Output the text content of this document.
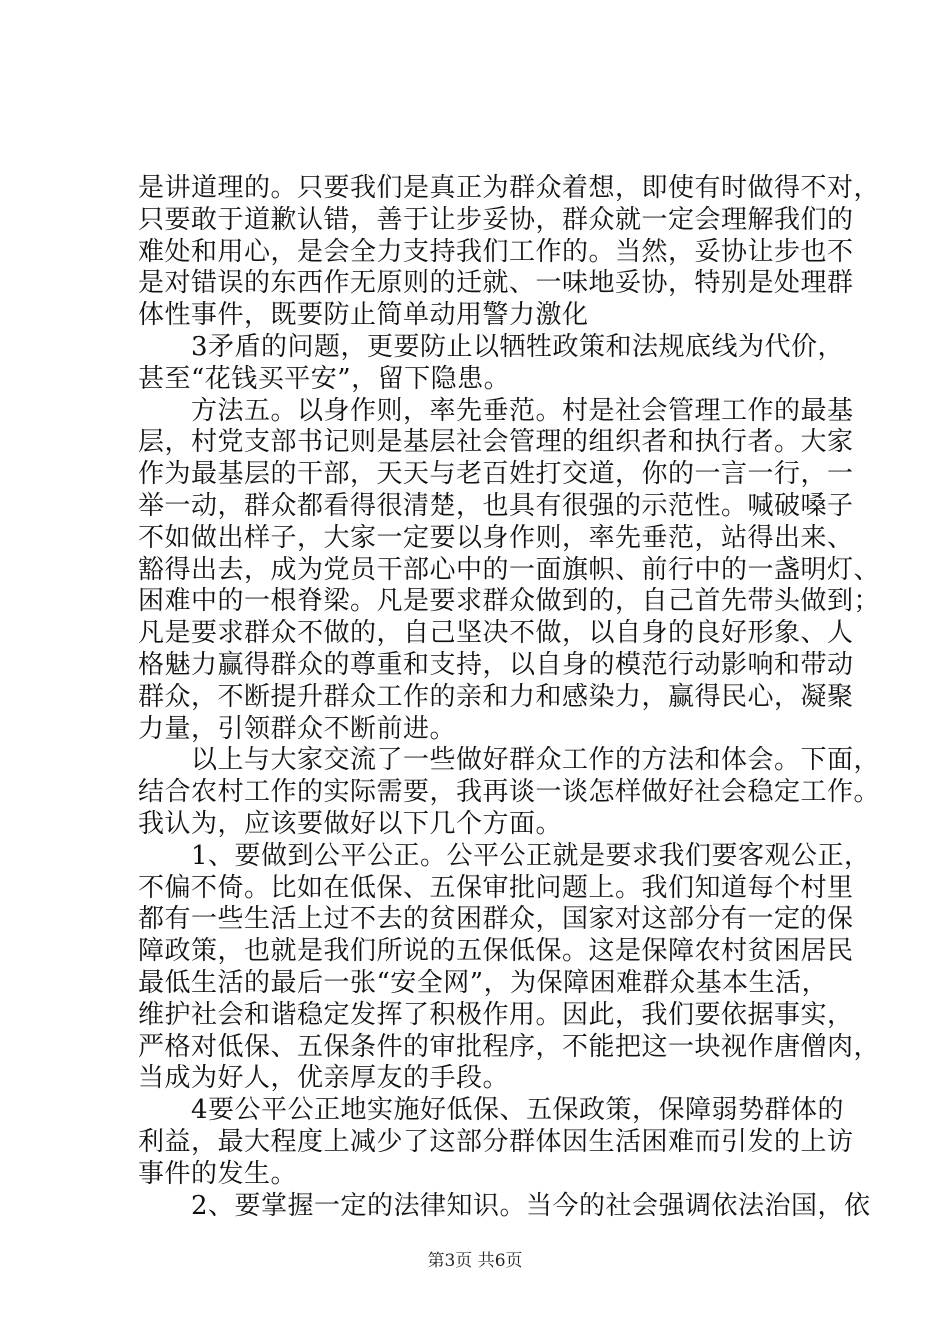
是讲道理的。只要我们是真正为群众着想，即使有时做得不对，
只要敢于道歉认错，善于让步妥协，群众就一定会理解我们的
难处和用心，是会全力支持我们工作的。当然，妥协让步也不
是对错误的东西作无原则的迁就、一味地妥协，特别是处理群
体性事件，既要防止简单动用警力激化
　　3矛盾的问题，更要防止以牺牲政策和法规底线为代价，
甚至“花钱买平安”，留下隐患。
　　方法五。以身作则，率先垂范。村是社会管理工作的最基
层，村党支部书记则是基层社会管理的组织者和执行者。大家
作为最基层的干部，天天与老百姓打交道，你的一言一行，一
举一动，群众都看得很清楚，也具有很强的示范性。喊破嗓子
不如做出样子，大家一定要以身作则，率先垂范，站得出来、
豁得出去，成为党员干部心中的一面旗帜、前行中的一盏明灯、
困难中的一根脊梁。凡是要求群众做到的，自己首先带头做到；
凡是要求群众不做的，自己坚决不做，以自身的良好形象、人
格魅力赢得群众的尊重和支持，以自身的模范行动影响和带动
群众，不断提升群众工作的亲和力和感染力，赢得民心，凝聚
力量，引领群众不断前进。
　　以上与大家交流了一些做好群众工作的方法和体会。下面，
结合农村工作的实际需要，我再谈一谈怎样做好社会稳定工作。
我认为，应该要做好以下几个方面。
　　1、要做到公平公正。公平公正就是要求我们要客观公正，
不偏不倚。比如在低保、五保审批问题上。我们知道每个村里
都有一些生活上过不去的贫困群众，国家对这部分有一定的保
障政策，也就是我们所说的五保低保。这是保障农村贫困居民
最低生活的最后一张“安全网”，为保障困难群众基本生活，
维护社会和谐稳定发挥了积极作用。因此，我们要依据事实，
严格对低保、五保条件的审批程序，不能把这一块视作唐僧肉，
当成为好人，优亲厚友的手段。
　　4要公平公正地实施好低保、五保政策，保障弱势群体的
利益，最大程度上减少了这部分群体因生活困难而引发的上访
事件的发生。
　　2、要掌握一定的法律知识。当今的社会强调依法治国，依
第3页 共6页
